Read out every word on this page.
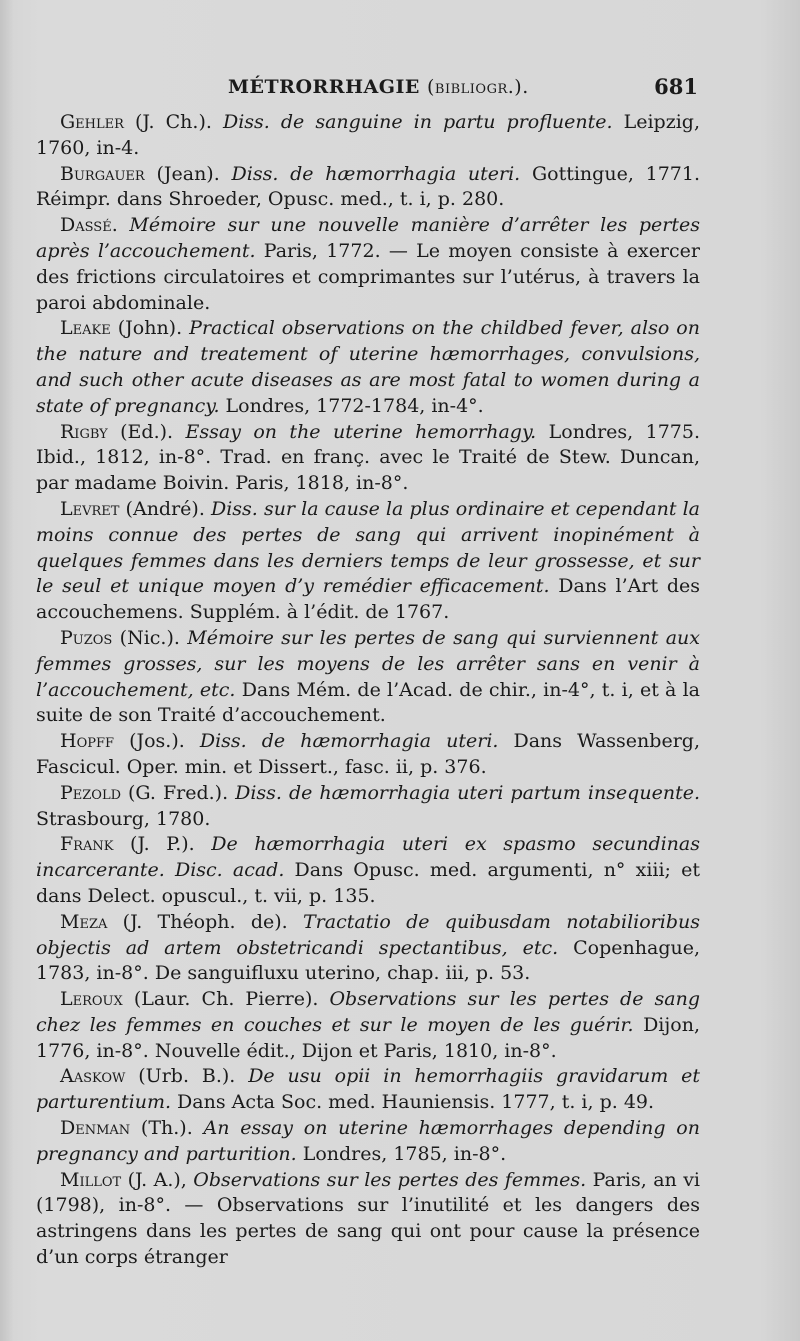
MÉTRORRHAGIE (bibliogr.).	681

Gehler (J. Ch.). Diss. de sanguine in partu profluente. Leipzig, 1760, in-4.

Burgauer (Jean). Diss. de hæmorrhagia uteri. Gottingue, 1771. Réimpr. dans Shroeder, Opusc. med., t. i, p. 280.

Dassé. Mémoire sur une nouvelle manière d’arrêter les pertes après l’accouchement. Paris, 1772. — Le moyen consiste à exercer des frictions circulatoires et comprimantes sur l’utérus, à travers la paroi abdominale.

Leake (John). Practical observations on the childbed fever, also on the nature and treatement of uterine hæmorrhages, convulsions, and such other acute diseases as are most fatal to women during a state of pregnancy. Londres, 1772-1784, in-4°.

Rigby (Ed.). Essay on the uterine hemorrhagy. Londres, 1775. Ibid., 1812, in-8°. Trad. en franç. avec le Traité de Stew. Duncan, par madame Boivin. Paris, 1818, in-8°.

Levret (André). Diss. sur la cause la plus ordinaire et cependant la moins connue des pertes de sang qui arrivent inopinément à quelques femmes dans les derniers temps de leur grossesse, et sur le seul et unique moyen d’y remédier efficacement. Dans l’Art des accouchemens. Supplém. à l’édit. de 1767.

Puzos (Nic.). Mémoire sur les pertes de sang qui surviennent aux femmes grosses, sur les moyens de les arrêter sans en venir à l’accouchement, etc. Dans Mém. de l’Acad. de chir., in-4°, t. i, et à la suite de son Traité d’accouchement.

Hopff (Jos.). Diss. de hæmorrhagia uteri. Dans Wassenberg, Fascicul. Oper. min. et Dissert., fasc. ii, p. 376.

Pezold (G. Fred.). Diss. de hæmorrhagia uteri partum insequente. Strasbourg, 1780.

Frank (J. P.). De hæmorrhagia uteri ex spasmo secundinas incarcerante. Disc. acad. Dans Opusc. med. argumenti, n° xiii; et dans Delect. opuscul., t. vii, p. 135.

Meza (J. Théoph. de). Tractatio de quibusdam notabilioribus objectis ad artem obstetricandi spectantibus, etc. Copenhague, 1783, in-8°. De sanguifluxu uterino, chap. iii, p. 53.

Leroux (Laur. Ch. Pierre). Observations sur les pertes de sang chez les femmes en couches et sur le moyen de les guérir. Dijon, 1776, in-8°. Nouvelle édit., Dijon et Paris, 1810, in-8°.

Aaskow (Urb. B.). De usu opii in hemorrhagiis gravidarum et parturentium. Dans Acta Soc. med. Hauniensis. 1777, t. i, p. 49.

Denman (Th.). An essay on uterine hæmorrhages depending on pregnancy and parturition. Londres, 1785, in-8°.

Millot (J. A.), Observations sur les pertes des femmes. Paris, an vi (1798), in-8°. — Observations sur l’inutilité et les dangers des astringens dans les pertes de sang qui ont pour cause la présence d’un corps étranger
